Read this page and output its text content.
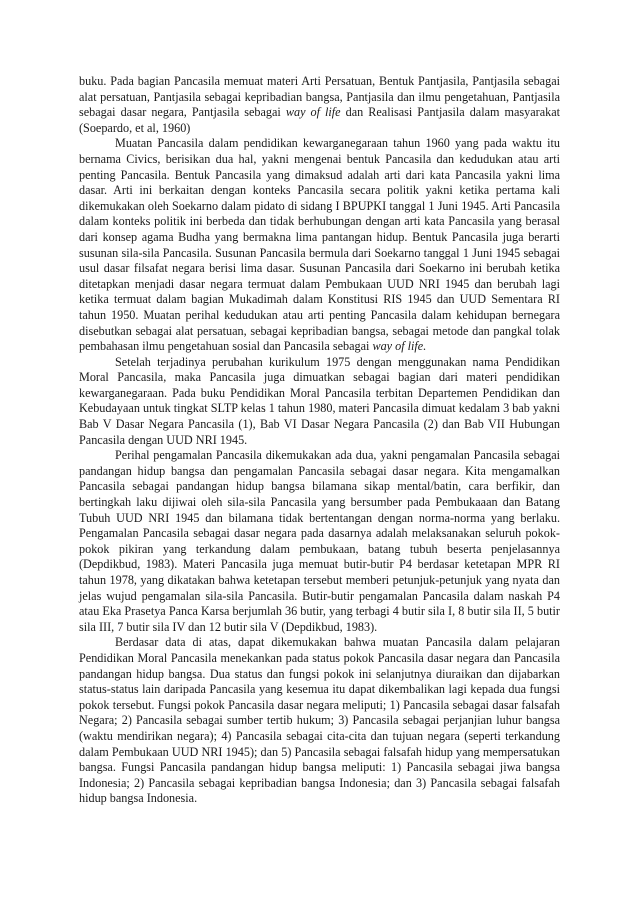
buku. Pada bagian Pancasila memuat materi Arti Persatuan, Bentuk Pantjasila, Pantjasila sebagai alat persatuan, Pantjasila sebagai kepribadian bangsa, Pantjasila dan ilmu pengetahuan, Pantjasila sebagai dasar negara, Pantjasila sebagai way of life dan Realisasi Pantjasila dalam masyarakat (Soepardo, et al, 1960)

Muatan Pancasila dalam pendidikan kewarganegaraan tahun 1960 yang pada waktu itu bernama Civics, berisikan dua hal, yakni mengenai bentuk Pancasila dan kedudukan atau arti penting Pancasila. Bentuk Pancasila yang dimaksud adalah arti dari kata Pancasila yakni lima dasar. Arti ini berkaitan dengan konteks Pancasila secara politik yakni ketika pertama kali dikemukakan oleh Soekarno dalam pidato di sidang I BPUPKI tanggal 1 Juni 1945. Arti Pancasila dalam konteks politik ini berbeda dan tidak berhubungan dengan arti kata Pancasila yang berasal dari konsep agama Budha yang bermakna lima pantangan hidup. Bentuk Pancasila juga berarti susunan sila-sila Pancasila. Susunan Pancasila bermula dari Soekarno tanggal 1 Juni 1945 sebagai usul dasar filsafat negara berisi lima dasar. Susunan Pancasila dari Soekarno ini berubah ketika ditetapkan menjadi dasar negara termuat dalam Pembukaan UUD NRI 1945 dan berubah lagi ketika termuat dalam bagian Mukadimah dalam Konstitusi RIS 1945 dan UUD Sementara RI tahun 1950. Muatan perihal kedudukan atau arti penting Pancasila dalam kehidupan bernegara disebutkan sebagai alat persatuan, sebagai kepribadian bangsa, sebagai metode dan pangkal tolak pembahasan ilmu pengetahuan sosial dan Pancasila sebagai way of life.

Setelah terjadinya perubahan kurikulum 1975 dengan menggunakan nama Pendidikan Moral Pancasila, maka Pancasila juga dimuatkan sebagai bagian dari materi pendidikan kewarganegaraan. Pada buku Pendidikan Moral Pancasila terbitan Departemen Pendidikan dan Kebudayaan untuk tingkat SLTP kelas 1 tahun 1980, materi Pancasila dimuat kedalam 3 bab yakni Bab V Dasar Negara Pancasila (1), Bab VI Dasar Negara Pancasila (2) dan Bab VII Hubungan Pancasila dengan UUD NRI 1945.

Perihal pengamalan Pancasila dikemukakan ada dua, yakni pengamalan Pancasila sebagai pandangan hidup bangsa dan pengamalan Pancasila sebagai dasar negara. Kita mengamalkan Pancasila sebagai pandangan hidup bangsa bilamana sikap mental/batin, cara berfikir, dan bertingkah laku dijiwai oleh sila-sila Pancasila yang bersumber pada Pembukaaan dan Batang Tubuh UUD NRI 1945 dan bilamana tidak bertentangan dengan norma-norma yang berlaku. Pengamalan Pancasila sebagai dasar negara pada dasarnya adalah melaksanakan seluruh pokok-pokok pikiran yang terkandung dalam pembukaan, batang tubuh beserta penjelasannya (Depdikbud, 1983). Materi Pancasila juga memuat butir-butir P4 berdasar ketetapan MPR RI tahun 1978, yang dikatakan bahwa ketetapan tersebut memberi petunjuk-petunjuk yang nyata dan jelas wujud pengamalan sila-sila Pancasila. Butir-butir pengamalan Pancasila dalam naskah P4 atau Eka Prasetya Panca Karsa berjumlah 36 butir, yang terbagi 4 butir sila I, 8 butir sila II, 5 butir sila III, 7 butir sila IV dan 12 butir sila V (Depdikbud, 1983).

Berdasar data di atas, dapat dikemukakan bahwa muatan Pancasila dalam pelajaran Pendidikan Moral Pancasila menekankan pada status pokok Pancasila dasar negara dan Pancasila pandangan hidup bangsa. Dua status dan fungsi pokok ini selanjutnya diuraikan dan dijabarkan status-status lain daripada Pancasila yang kesemua itu dapat dikembalikan lagi kepada dua fungsi pokok tersebut. Fungsi pokok Pancasila dasar negara meliputi; 1) Pancasila sebagai dasar falsafah Negara; 2) Pancasila sebagai sumber tertib hukum; 3) Pancasila sebagai perjanjian luhur bangsa (waktu mendirikan negara); 4) Pancasila sebagai cita-cita dan tujuan negara (seperti terkandung dalam Pembukaan UUD NRI 1945); dan 5) Pancasila sebagai falsafah hidup yang mempersatukan bangsa. Fungsi Pancasila pandangan hidup bangsa meliputi: 1) Pancasila sebagai jiwa bangsa Indonesia; 2) Pancasila sebagai kepribadian bangsa Indonesia; dan 3) Pancasila sebagai falsafah hidup bangsa Indonesia.
